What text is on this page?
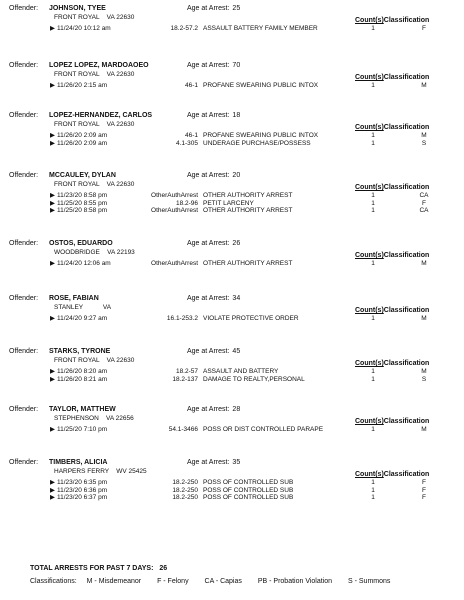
Offender: JOHNSON, TYEE
FRONT ROYAL    VA 22630
Age at Arrest: 25
Count(s)Classification
▶ 11/24/20 10:12 am	18.2-57.2 ASSAULT BATTERY FAMILY MEMBER	1	F
Offender: LOPEZ LOPEZ, MARDOAOEO
FRONT ROYAL    VA 22630
Age at Arrest: 70
Count(s)Classification
▶ 11/26/20 2:15 am	46-1 PROFANE SWEARING PUBLIC INTOX	1	M
Offender: LOPEZ-HERNANDEZ, CARLOS
FRONT ROYAL    VA 22630
Age at Arrest: 18
Count(s)Classification
▶ 11/26/20 2:09 am	46-1 PROFANE SWEARING PUBLIC INTOX	1	M
▶ 11/26/20 2:09 am	4.1-305 UNDERAGE PURCHASE/POSSESS	1	S
Offender: MCCAULEY, DYLAN
FRONT ROYAL    VA 22630
Age at Arrest: 20
Count(s)Classification
▶ 11/23/20 8:58 pm	OtherAuthArrest OTHER AUTHORITY ARREST	1	CA
▶ 11/25/20 8:55 pm	18.2-96 PETIT LARCENY	1	F
▶ 11/25/20 8:58 pm	OtherAuthArrest OTHER AUTHORITY ARREST	1	CA
Offender: OSTOS, EDUARDO
WOODBRIDGE    VA 22193
Age at Arrest: 26
Count(s)Classification
▶ 11/24/20 12:06 am	OtherAuthArrest OTHER AUTHORITY ARREST	1	M
Offender: ROSE, FABIAN
STANLEY           VA
Age at Arrest: 34
Count(s)Classification
▶ 11/24/20 9:27 am	16.1-253.2 VIOLATE PROTECTIVE ORDER	1	M
Offender: STARKS, TYRONE
FRONT ROYAL    VA 22630
Age at Arrest: 45
Count(s)Classification
▶ 11/26/20 8:20 am	18.2-57 ASSAULT AND BATTERY	1	M
▶ 11/26/20 8:21 am	18.2-137 DAMAGE TO REALTY,PERSONAL	1	S
Offender: TAYLOR, MATTHEW
STEPHENSON    VA 22656
Age at Arrest: 28
Count(s)Classification
▶ 11/25/20 7:10 pm	54.1-3466 POSS OR DIST CONTROLLED PARAPE	1	M
Offender: TIMBERS, ALICIA
HARPERS FERRY    WV 25425
Age at Arrest: 35
Count(s)Classification
▶ 11/23/20 6:35 pm	18.2-250 POSS OF CONTROLLED SUB	1	F
▶ 11/23/20 6:36 pm	18.2-250 POSS OF CONTROLLED SUB	1	F
▶ 11/23/20 6:37 pm	18.2-250 POSS OF CONTROLLED SUB	1	F
TOTAL ARRESTS FOR PAST 7 DAYS: 26
Classifications: M - Misdemeanor F - Felony CA - Capias PB - Probation Violation S - Summons
